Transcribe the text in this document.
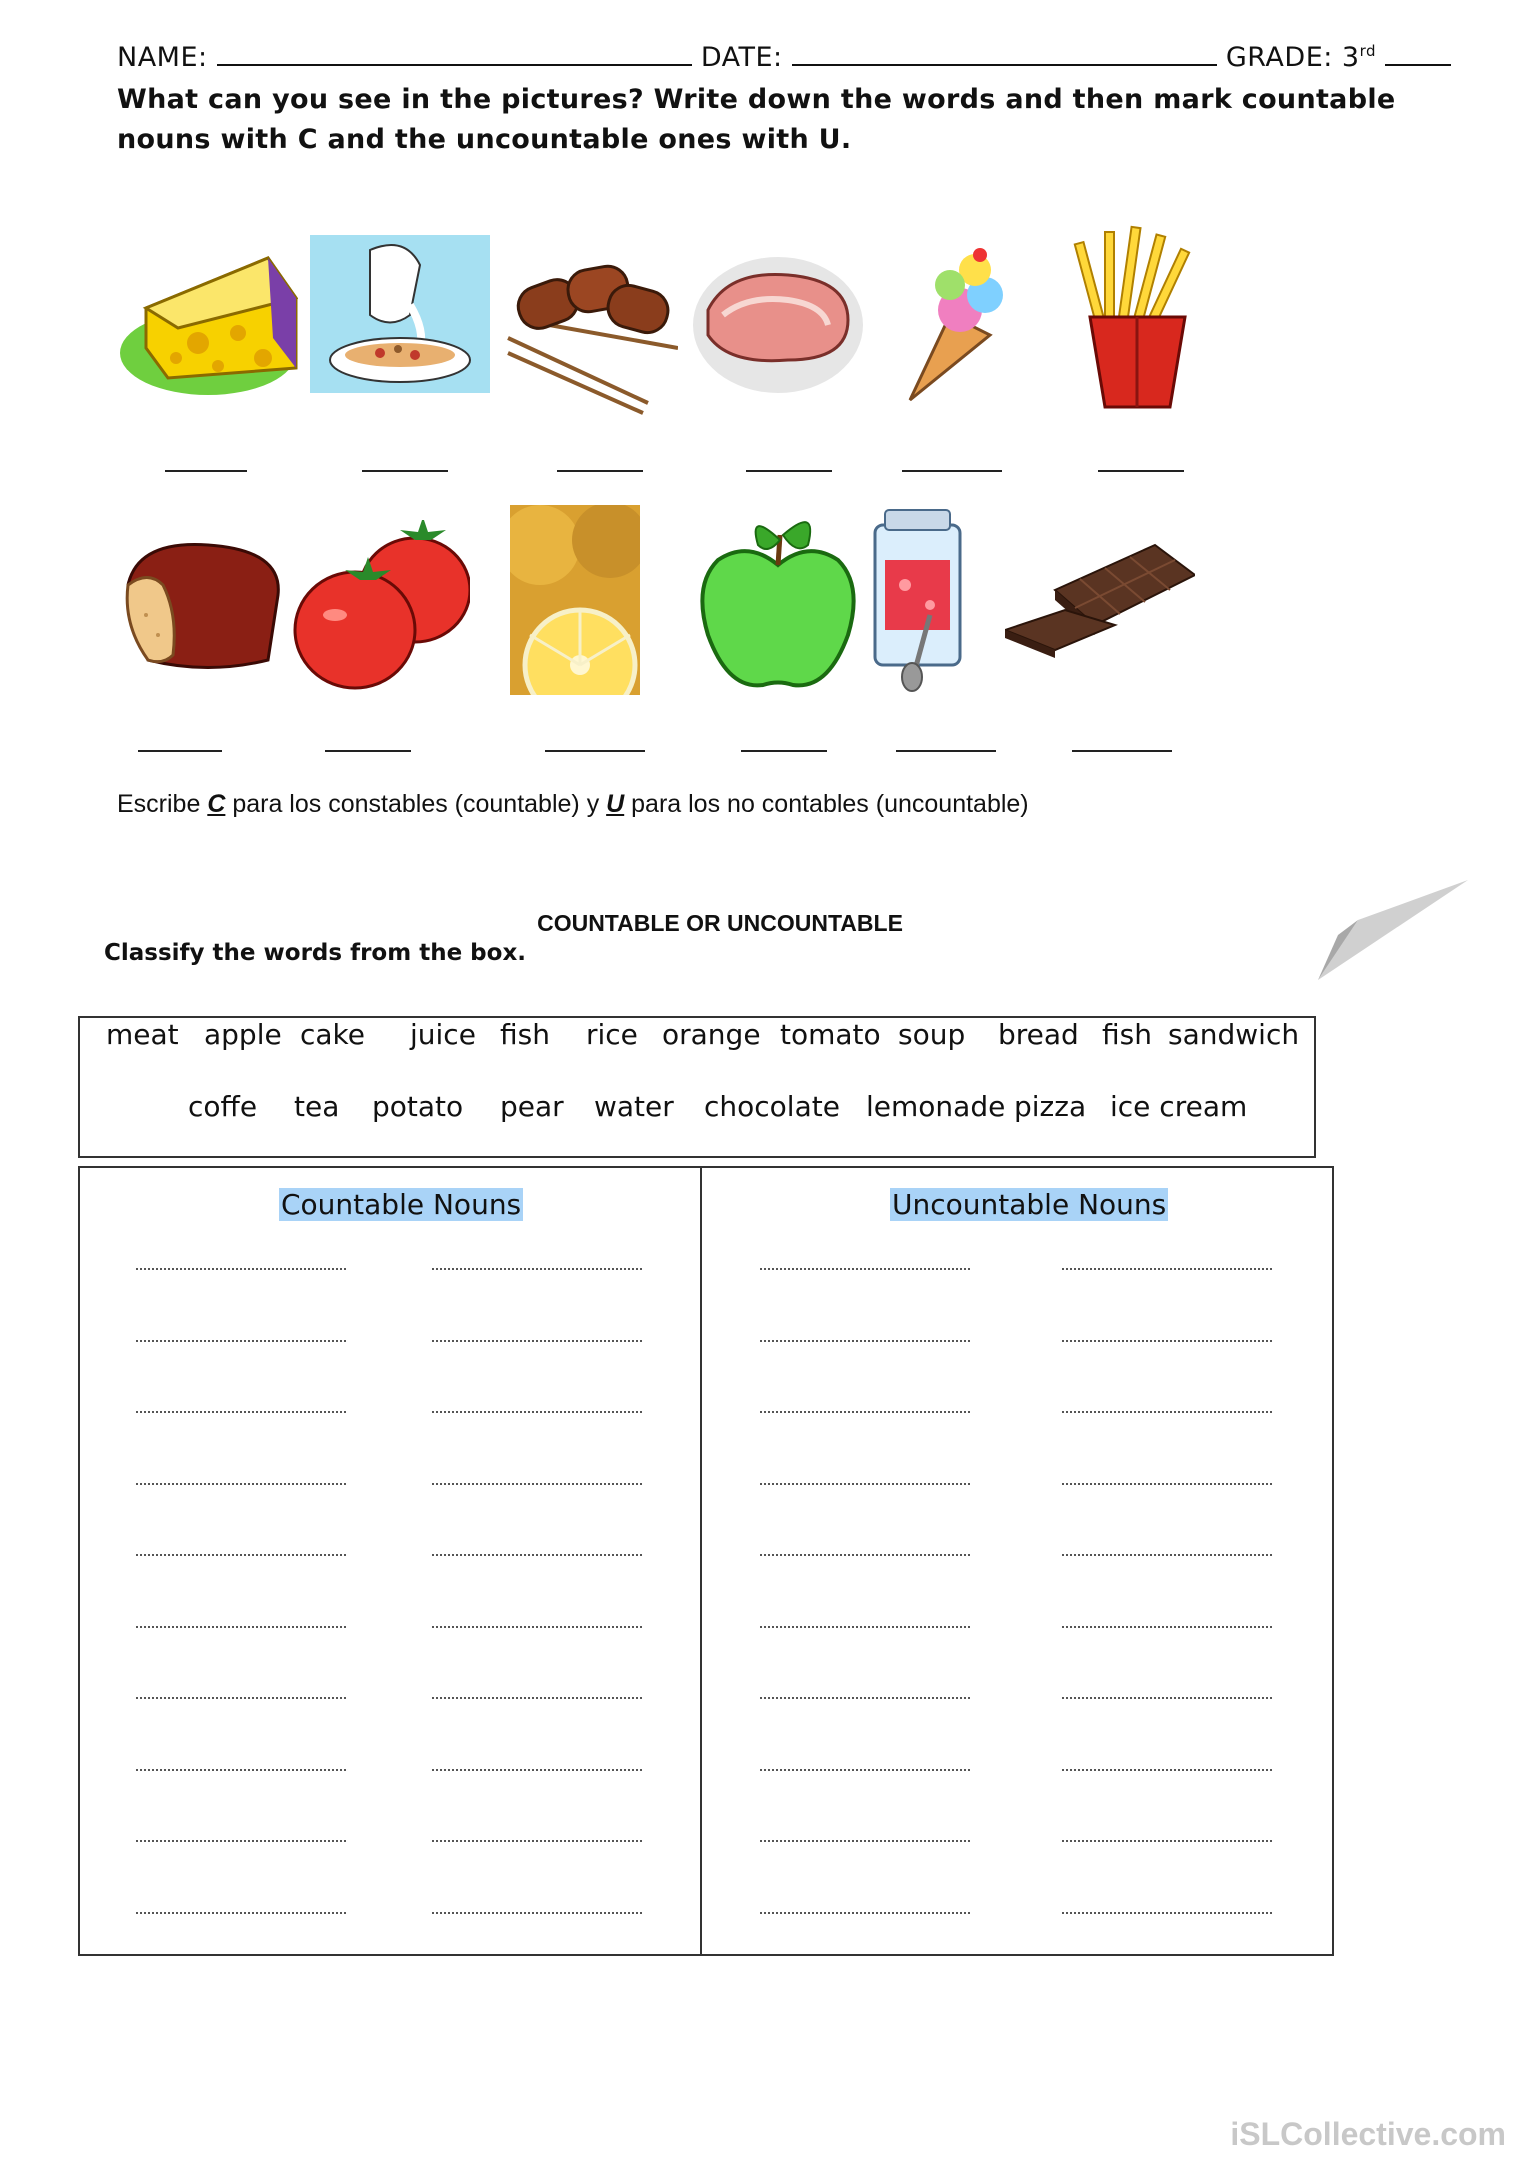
NAME:	DATE:	GRADE: 3rd
What can you see in the pictures? Write down the words and then mark countable nouns with C and the uncountable ones with U.
Escribe C para los constables (countable) y U para los no contables (uncountable)
COUNTABLE OR UNCOUNTABLE
Classify the words from the box.
meat apple cake juice fish rice orange tomato soup bread fish sandwich
coffe tea potato pear water chocolate lemonade pizza ice cream
Countable Nouns	Uncountable Nouns
iSLCollective.com
